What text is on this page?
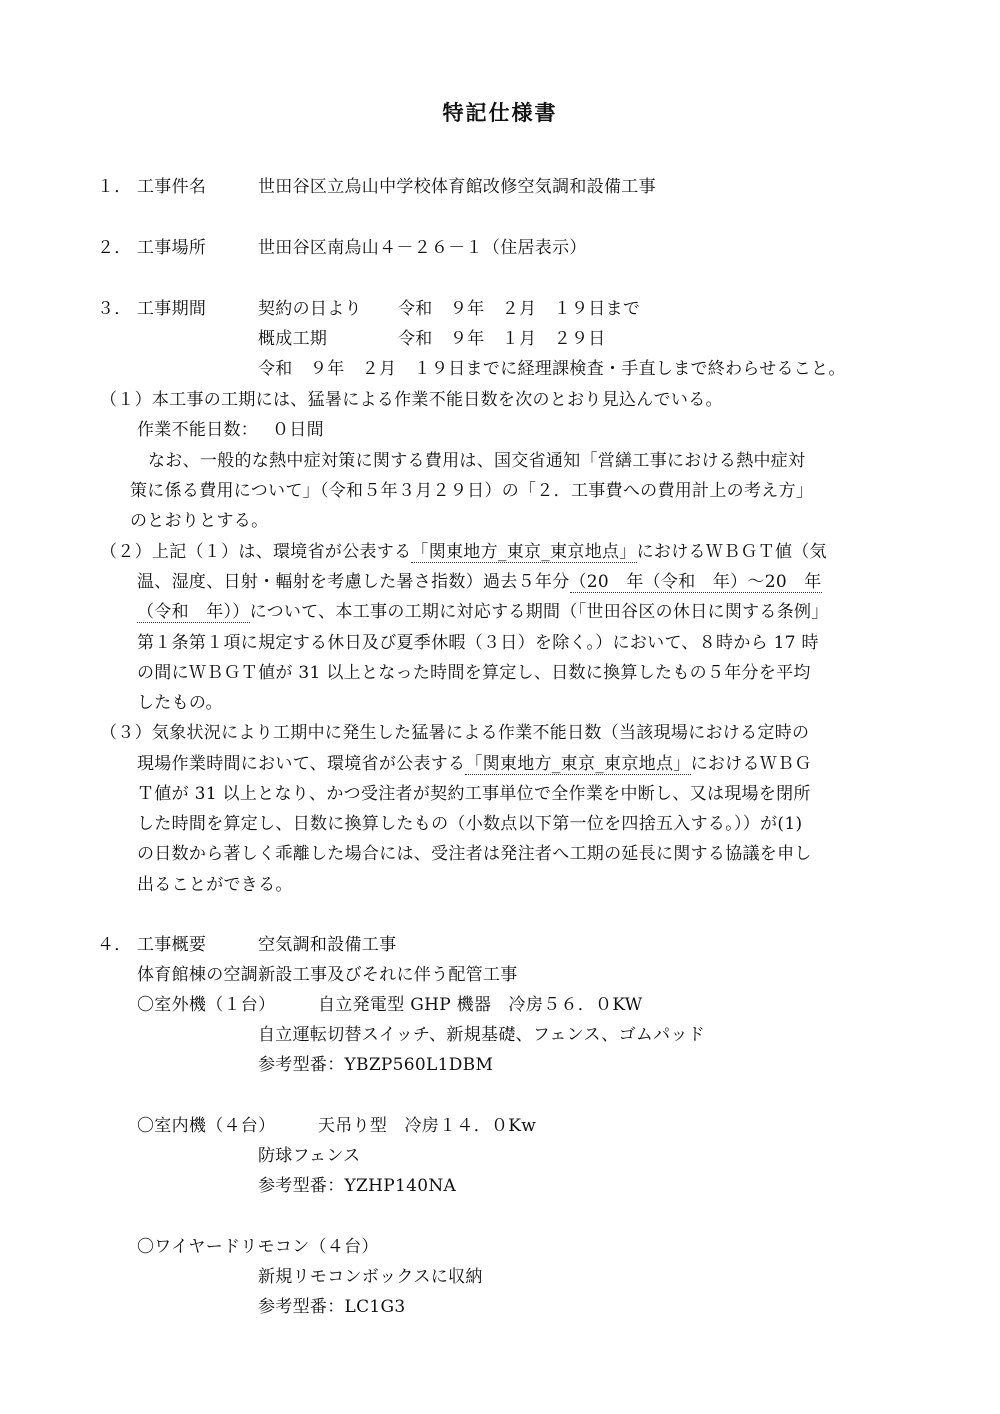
特記仕様書
１． 工事件名	世田谷区立烏山中学校体育館改修空気調和設備工事
２． 工事場所	世田谷区南烏山４－２６－１（住居表示）
３． 工事期間	契約の日より 令和　９年　２月　１９日まで
概成工期	令和　９年　１月　２９日
令和　９年　２月　１９日までに経理課検査・手直しまで終わらせること。
（１）本工事の工期には、猛暑による作業不能日数を次のとおり見込んでいる。
作業不能日数： ０日間
なお、一般的な熱中症対策に関する費用は、国交省通知「営繕工事における熱中症対
策に係る費用について」（令和５年３月２９日）の「２．工事費への費用計上の考え方」
のとおりとする。
（２）上記（１）は、環境省が公表する「関東地方_東京_東京地点」におけるＷＢＧＴ値（気
温、湿度、日射・輻射を考慮した暑さ指数）過去５年分（20　年（令和　年）～20　年
（令和　年））について、本工事の工期に対応する期間（「世田谷区の休日に関する条例」
第１条第１項に規定する休日及び夏季休暇（３日）を除く。）において、８時から 17 時
の間にＷＢＧＴ値が 31 以上となった時間を算定し、日数に換算したもの５年分を平均
したもの。
（３）気象状況により工期中に発生した猛暑による作業不能日数（当該現場における定時の
現場作業時間において、環境省が公表する「関東地方_東京_東京地点」におけるＷＢＧ
Ｔ値が 31 以上となり、かつ受注者が契約工事単位で全作業を中断し、又は現場を閉所
した時間を算定し、日数に換算したもの（小数点以下第一位を四捨五入する。））が(1)
の日数から著しく乖離した場合には、受注者は発注者へ工期の延長に関する協議を申し
出ることができる。
４． 工事概要	空気調和設備工事
体育館棟の空調新設工事及びそれに伴う配管工事
〇室外機（１台）	自立発電型 GHP 機器　冷房５６．０KW
自立運転切替スイッチ、新規基礎、フェンス、ゴムパッド
参考型番：YBZP560L1DBM
〇室内機（４台）	天吊り型　冷房１４．０Kw
防球フェンス
参考型番：YZHP140NA
〇ワイヤードリモコン（４台）
新規リモコンボックスに収納
参考型番：LC1G3
